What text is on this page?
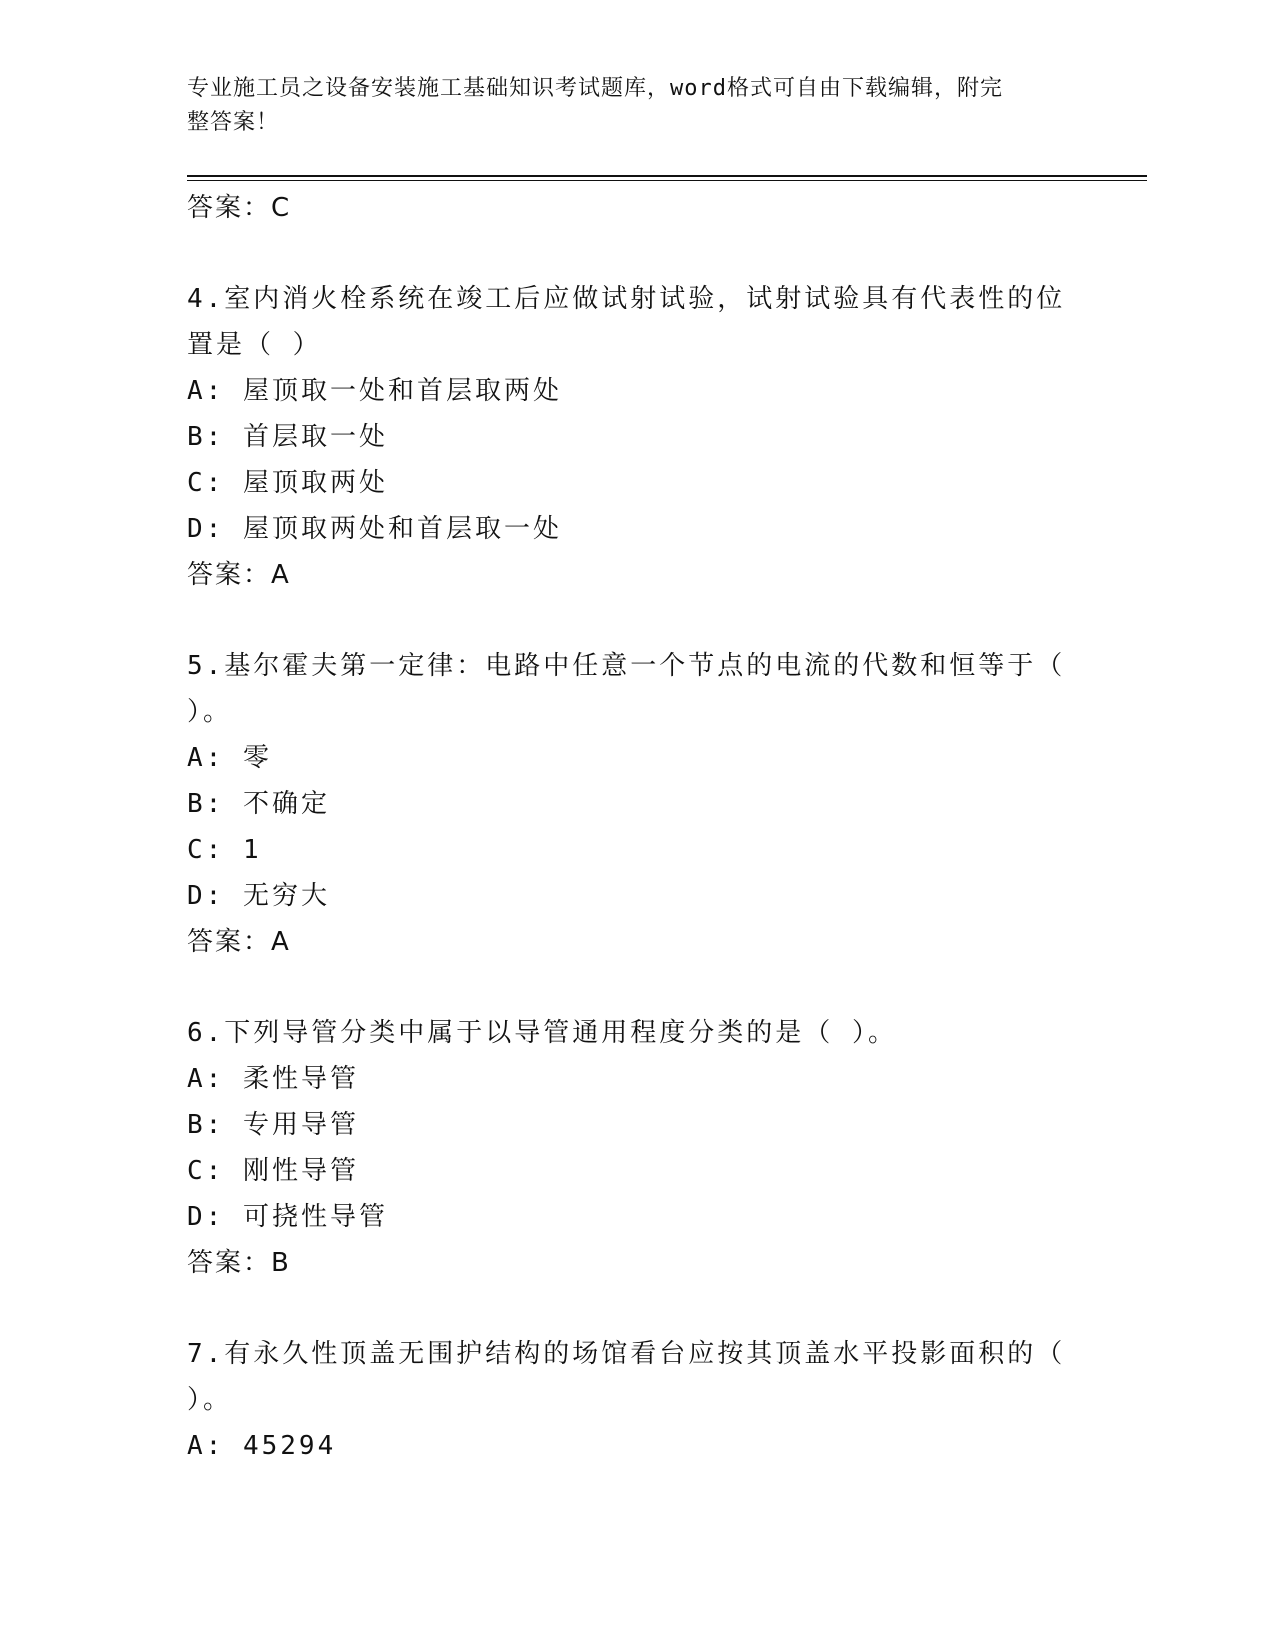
专业施工员之设备安装施工基础知识考试题库，word格式可自由下载编辑，附完
整答案！
答案：C
4.室内消火栓系统在竣工后应做试射试验，试射试验具有代表性的位
置是（ ）
A: 屋顶取一处和首层取两处
B: 首层取一处
C: 屋顶取两处
D: 屋顶取两处和首层取一处
答案：A
5.基尔霍夫第一定律：电路中任意一个节点的电流的代数和恒等于（
）。
A: 零
B: 不确定
C: 1
D: 无穷大
答案：A
6.下列导管分类中属于以导管通用程度分类的是（ ）。
A: 柔性导管
B: 专用导管
C: 刚性导管
D: 可挠性导管
答案：B
7.有永久性顶盖无围护结构的场馆看台应按其顶盖水平投影面积的（
）。
A: 45294
